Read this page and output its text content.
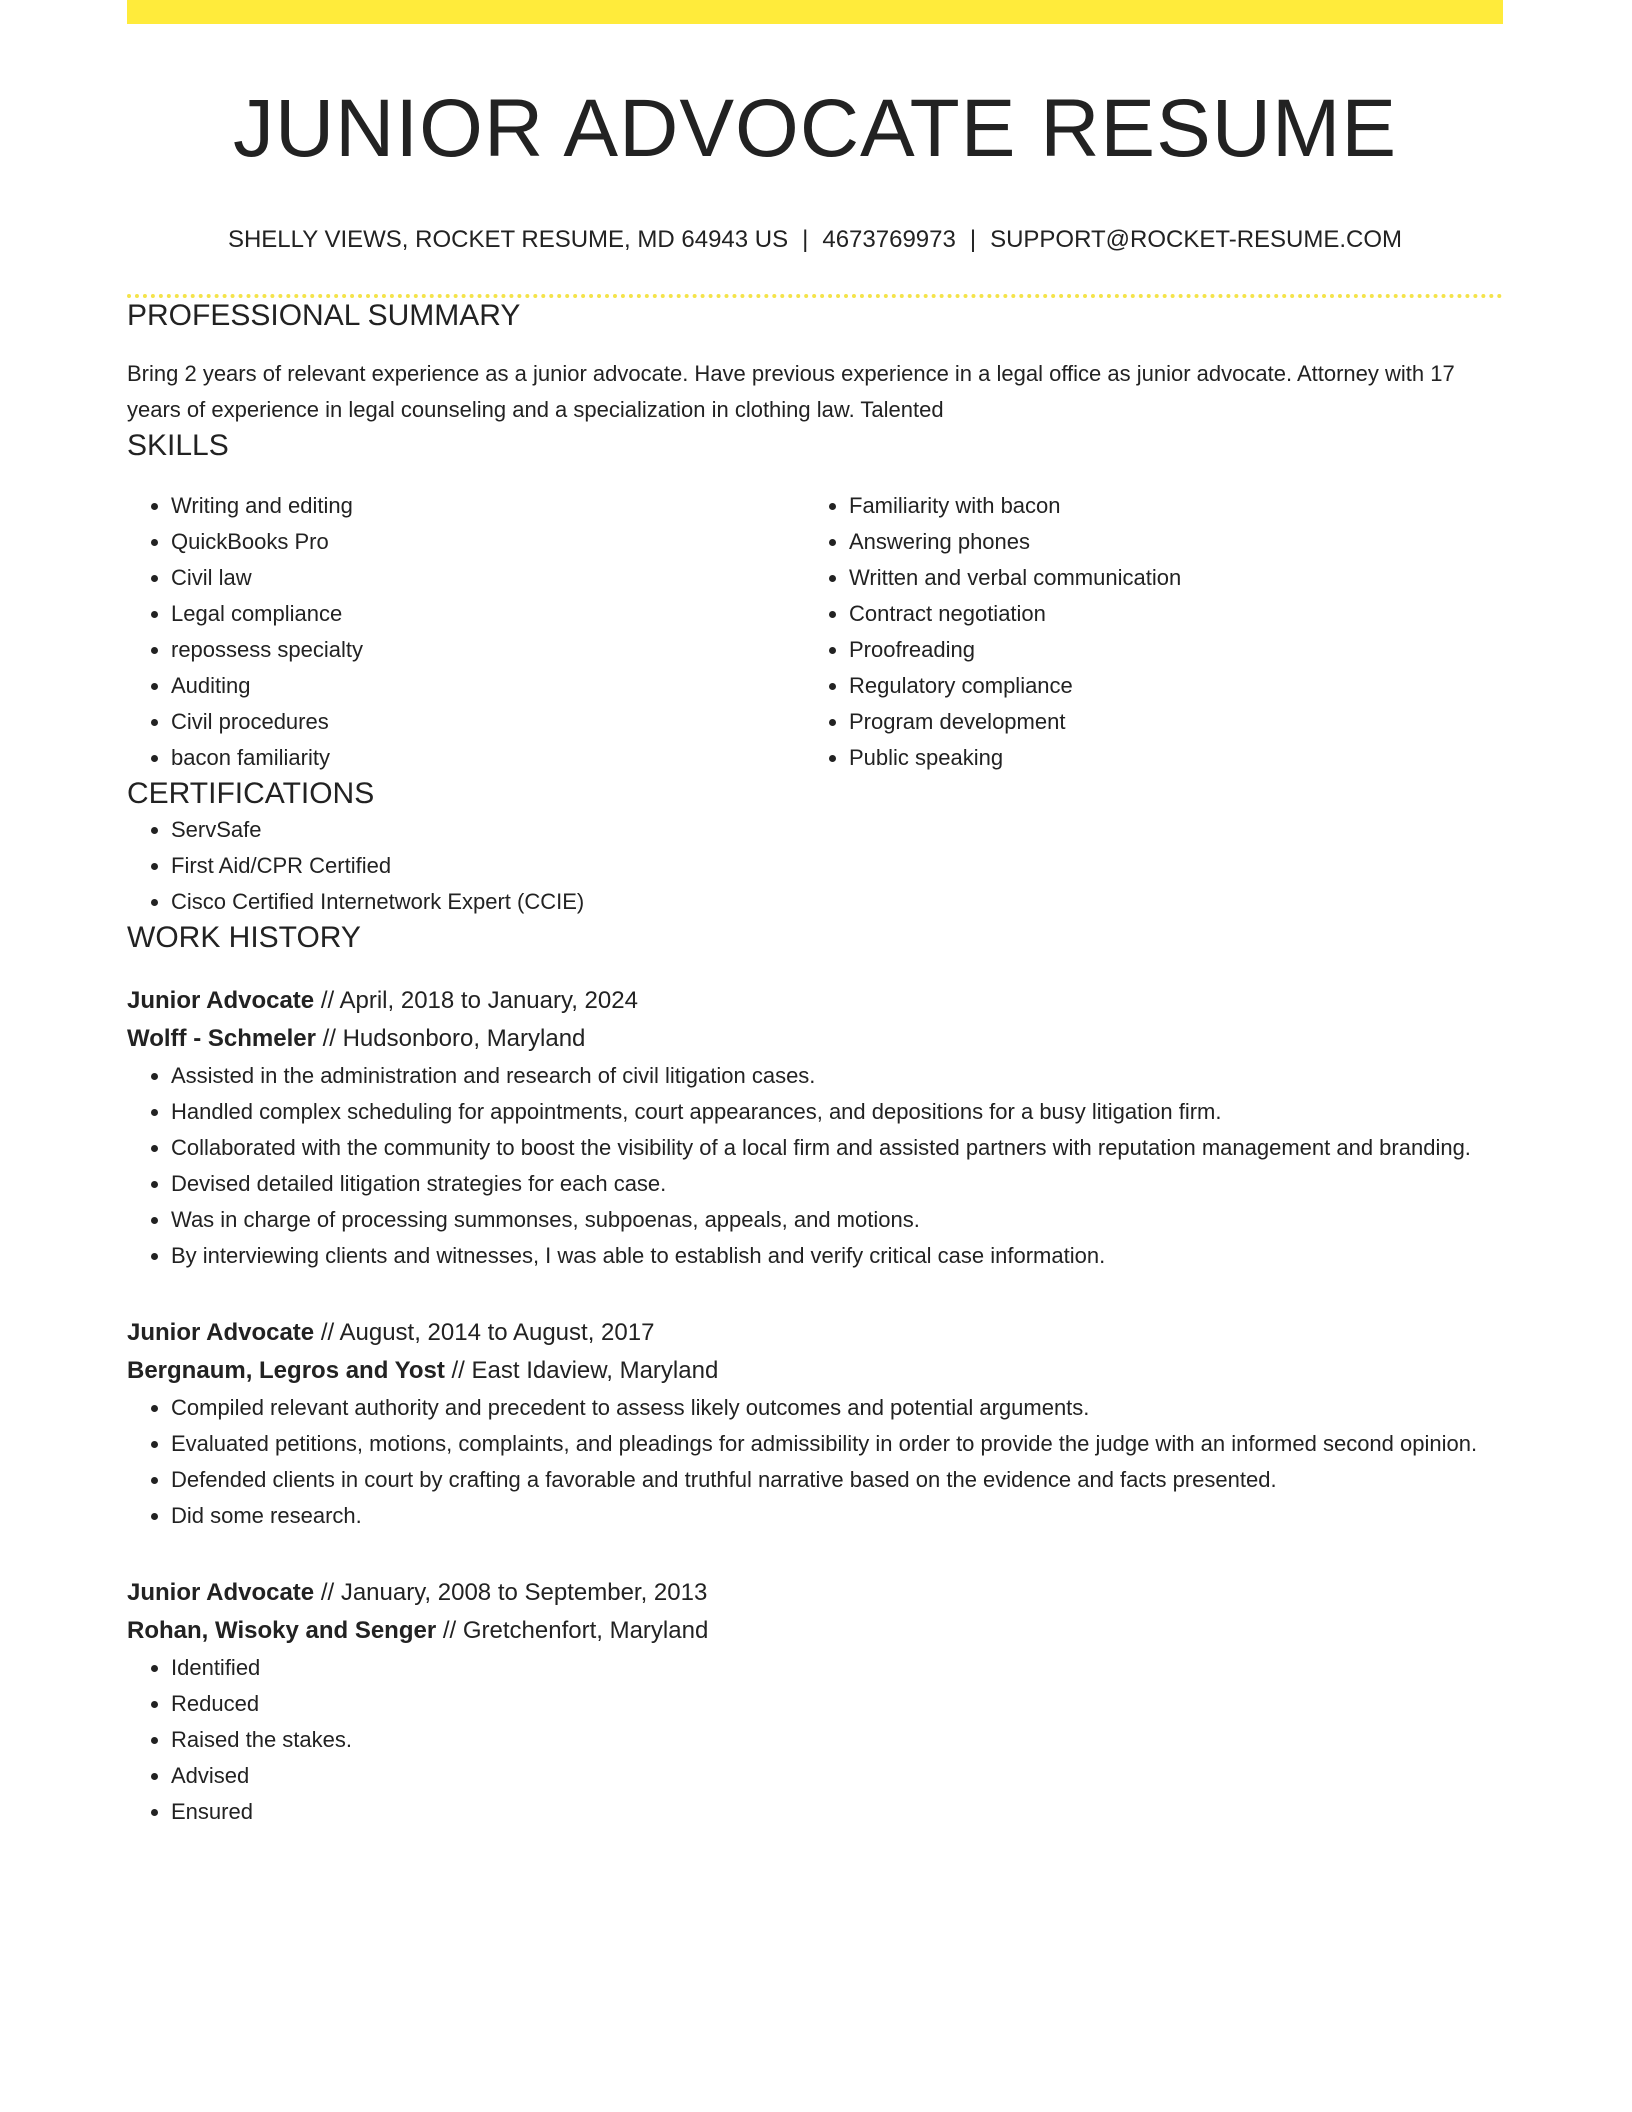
JUNIOR ADVOCATE RESUME
SHELLY VIEWS, ROCKET RESUME, MD 64943 US | 4673769973 | SUPPORT@ROCKET-RESUME.COM
PROFESSIONAL SUMMARY

Bring 2 years of relevant experience as a junior advocate. Have previous experience in a legal office as junior advocate. Attorney with 17 years of experience in legal counseling and a specialization in clothing law. Talented

SKILLS
• Writing and editing
• QuickBooks Pro
• Civil law
• Legal compliance
• repossess specialty
• Auditing
• Civil procedures
• bacon familiarity
• Familiarity with bacon
• Answering phones
• Written and verbal communication
• Contract negotiation
• Proofreading
• Regulatory compliance
• Program development
• Public speaking
CERTIFICATIONS
• ServSafe
• First Aid/CPR Certified
• Cisco Certified Internetwork Expert (CCIE)
WORK HISTORY
Junior Advocate // April, 2018 to January, 2024
Wolff - Schmeler // Hudsonboro, Maryland
• Assisted in the administration and research of civil litigation cases.
• Handled complex scheduling for appointments, court appearances, and depositions for a busy litigation firm.
• Collaborated with the community to boost the visibility of a local firm and assisted partners with reputation management and branding.
• Devised detailed litigation strategies for each case.
• Was in charge of processing summonses, subpoenas, appeals, and motions.
• By interviewing clients and witnesses, I was able to establish and verify critical case information.
Junior Advocate // August, 2014 to August, 2017
Bergnaum, Legros and Yost // East Idaview, Maryland
• Compiled relevant authority and precedent to assess likely outcomes and potential arguments.
• Evaluated petitions, motions, complaints, and pleadings for admissibility in order to provide the judge with an informed second opinion.
• Defended clients in court by crafting a favorable and truthful narrative based on the evidence and facts presented.
• Did some research.
Junior Advocate // January, 2008 to September, 2013
Rohan, Wisoky and Senger // Gretchenfort, Maryland
• Identified
• Reduced
• Raised the stakes.
• Advised
• Ensured
